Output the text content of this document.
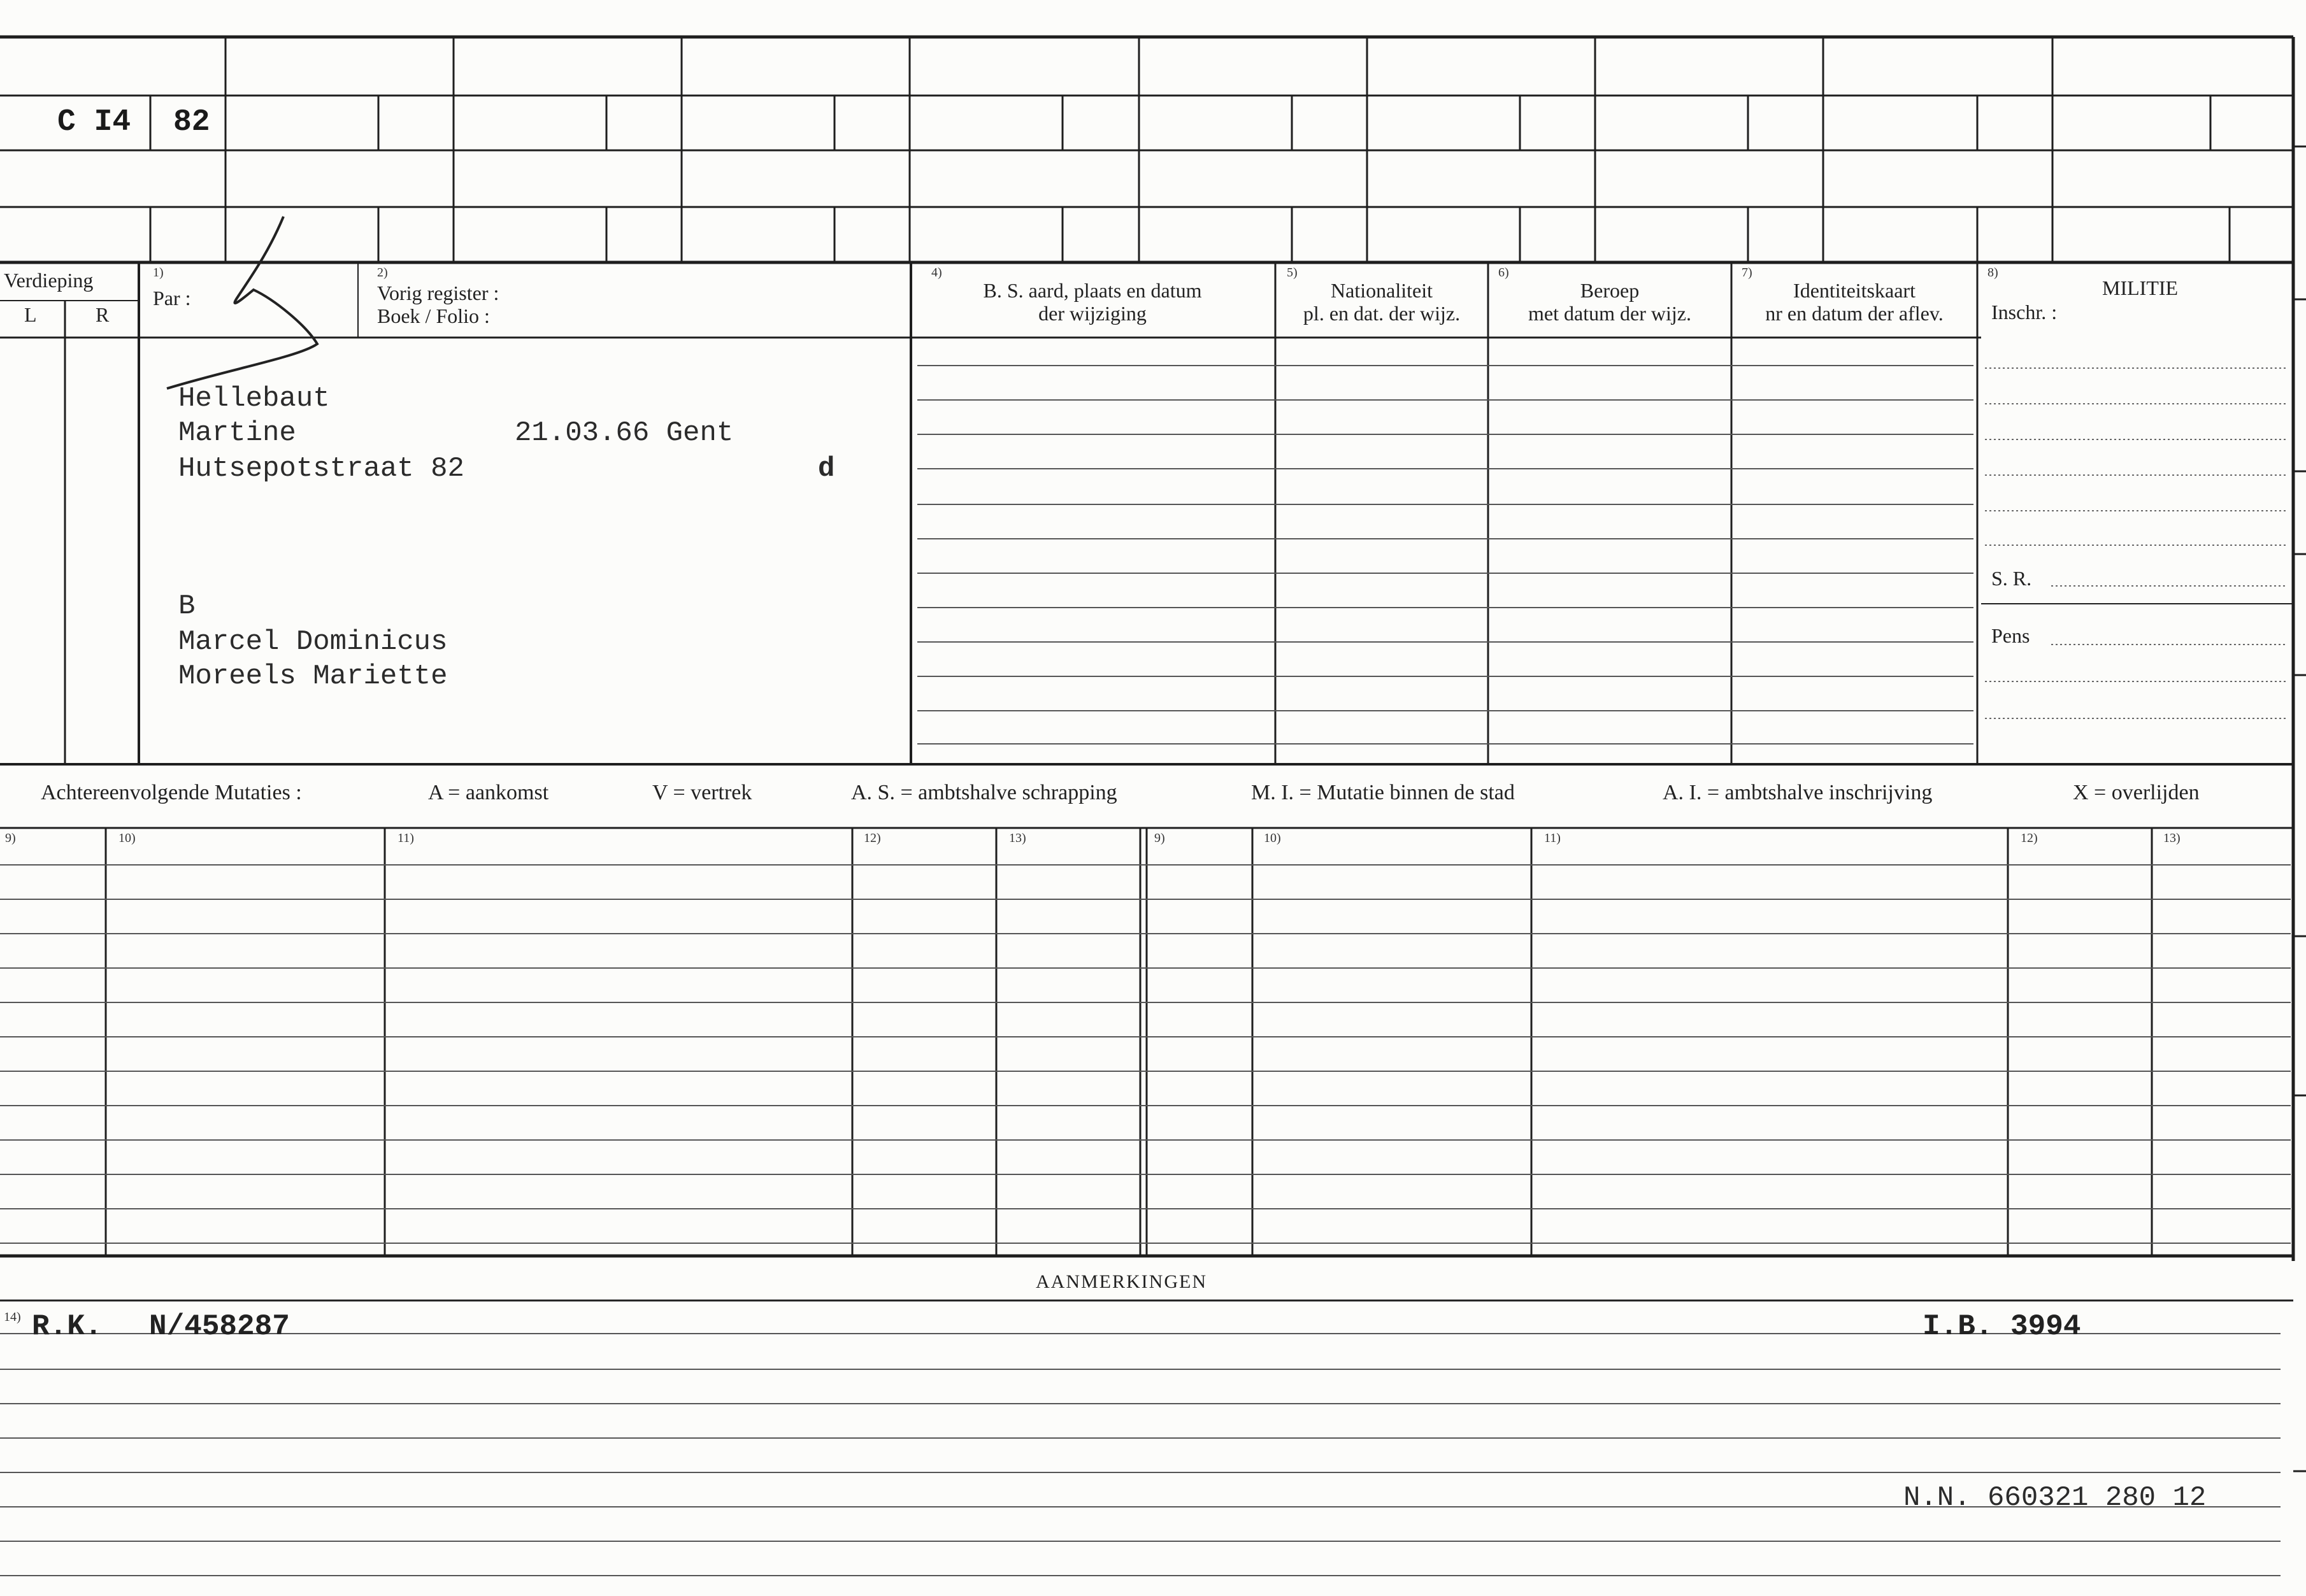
C I4 82
Verdieping
L	R
1)
Par :
2)
Vorig register :
Boek / Folio :
4)
B. S. aard, plaats en datum
der wijziging
5)
Nationaliteit
pl. en dat. der wijz.
6)
Beroep
met datum der wijz.
7)
Identiteitskaart
nr en datum der aflev.
8)
MILITIE
Inschr. :
S. R.
Pens
Hellebaut
Martine	21.03.66 Gent
Hutsepotstraat 82	d
B
Marcel Dominicus
Moreels Mariette
Achtereenvolgende Mutaties :	A = aankomst	V = vertrek	A. S. = ambtshalve schrapping	M. I. = Mutatie binnen de stad	A. I. = ambtshalve inschrijving	X = overlijden
9)	10)	11)	12)	13)	9)	10)	11)	12)	13)
AANMERKINGEN
14) R.K. N/458287	I.B. 3994
N.N. 660321 280 12
